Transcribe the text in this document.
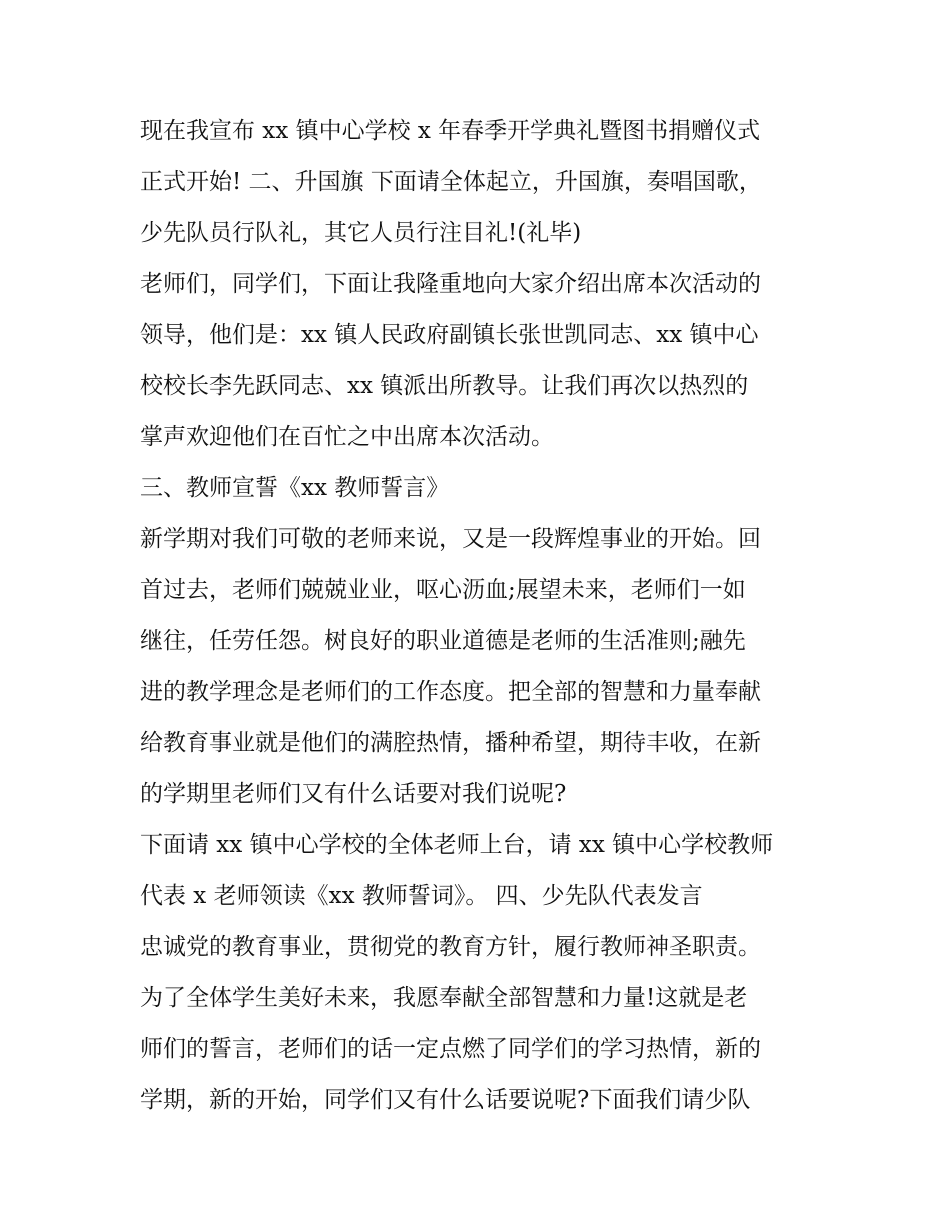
现在我宣布 xx 镇中心学校 x 年春季开学典礼暨图书捐赠仪式

正式开始! 二、升国旗 下面请全体起立，升国旗，奏唱国歌，

少先队员行队礼，其它人员行注目礼!(礼毕)

老师们，同学们，下面让我隆重地向大家介绍出席本次活动的

领导，他们是：xx 镇人民政府副镇长张世凯同志、xx 镇中心

校校长李先跃同志、xx 镇派出所教导。让我们再次以热烈的

掌声欢迎他们在百忙之中出席本次活动。

三、教师宣誓《xx 教师誓言》

新学期对我们可敬的老师来说，又是一段辉煌事业的开始。回

首过去，老师们兢兢业业，呕心沥血;展望未来，老师们一如

继往，任劳任怨。树良好的职业道德是老师的生活准则;融先

进的教学理念是老师们的工作态度。把全部的智慧和力量奉献

给教育事业就是他们的满腔热情，播种希望，期待丰收，在新

的学期里老师们又有什么话要对我们说呢?

下面请 xx 镇中心学校的全体老师上台，请 xx 镇中心学校教师

代表 x 老师领读《xx 教师誓词》。 四、少先队代表发言

忠诚党的教育事业，贯彻党的教育方针，履行教师神圣职责。

为了全体学生美好未来，我愿奉献全部智慧和力量!这就是老

师们的誓言，老师们的话一定点燃了同学们的学习热情，新的

学期，新的开始，同学们又有什么话要说呢?下面我们请少队
